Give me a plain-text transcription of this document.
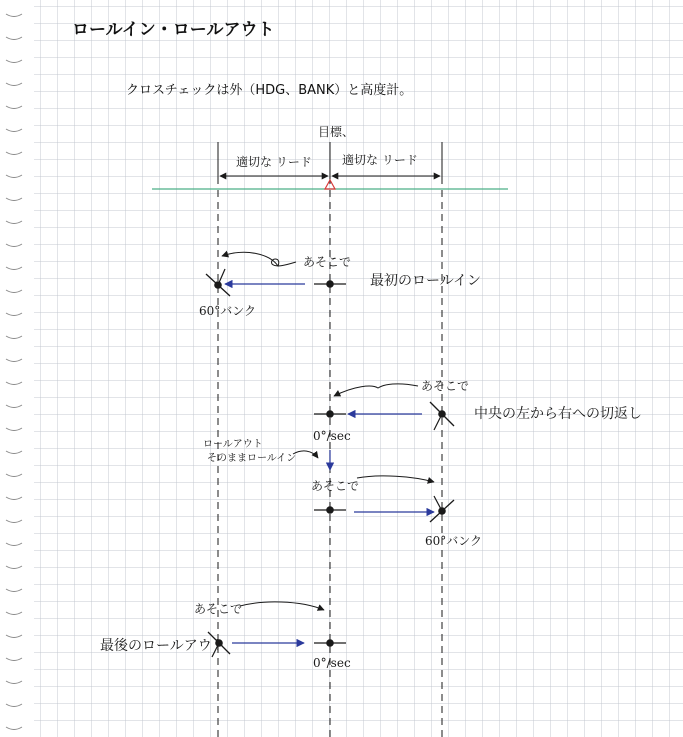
ロールイン・ロールアウト
クロスチェックは外（HDG、BANK）と高度計。
目標、
適切な リード	適切な リード
あそこで
60°バンク
最初のロールイン
あそこで
0°/sec
中央の左から右への切返し
ロールアウト
そのままロールイン
あそこで
60°バンク
あそこで
0°/sec
最後のロールアウト
